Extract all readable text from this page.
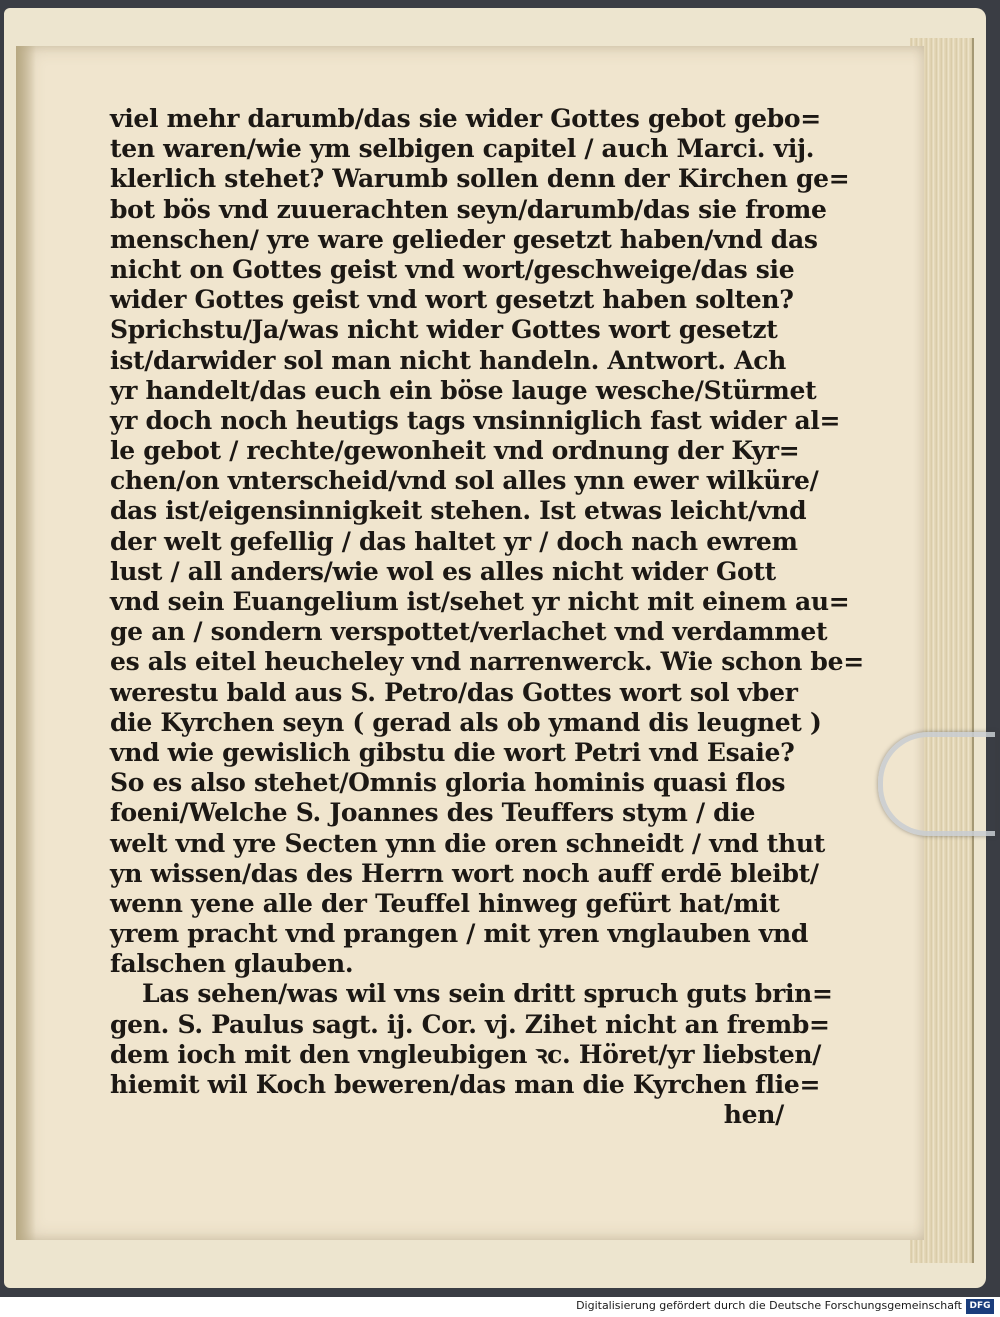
viel mehr darumb/das sie wider Gottes gebot gebo=
ten waren/wie ym selbigen capitel / auch Marci. vij.
klerlich stehet? Warumb sollen denn der Kirchen ge=
bot bös vnd zuuerachten seyn/darumb/das sie frome
menschen/ yre ware gelieder gesetzt haben/vnd das
nicht on Gottes geist vnd wort/geschweige/das sie
wider Gottes geist vnd wort gesetzt haben solten?
Sprichstu/Ja/was nicht wider Gottes wort gesetzt
ist/darwider sol man nicht handeln. Antwort. Ach
yr handelt/das euch ein böse lauge wesche/Stürmet
yr doch noch heutigs tags vnsinniglich fast wider al=
le gebot / rechte/gewonheit vnd ordnung der Kyr=
chen/on vnterscheid/vnd sol alles ynn ewer wilküre/
das ist/eigensinnigkeit stehen. Ist etwas leicht/vnd
der welt gefellig / das haltet yr / doch nach ewrem
lust / all anders/wie wol es alles nicht wider Gott
vnd sein Euangelium ist/sehet yr nicht mit einem au=
ge an / sondern verspottet/verlachet vnd verdammet
es als eitel heucheley vnd narrenwerck. Wie schon be=
werestu bald aus S. Petro/das Gottes wort sol vber
die Kyrchen seyn ( gerad als ob ymand dis leugnet )
vnd wie gewislich gibstu die wort Petri vnd Esaie?
So es also stehet/Omnis gloria hominis quasi flos
foeni/Welche S. Joannes des Teuffers stym / die
welt vnd yre Secten ynn die oren schneidt / vnd thut
yn wissen/das des Herrn wort noch auff erdē bleibt/
wenn yene alle der Teuffel hinweg gefürt hat/mit
yrem pracht vnd prangen / mit yren vnglauben vnd
falschen glauben.
Las sehen/was wil vns sein dritt spruch guts brin=
gen. S. Paulus sagt. ij. Cor. vj. Zihet nicht an fremb=
dem ioch mit den vngleubigen ꝛc. Höret/yr liebsten/
hiemit wil Koch beweren/das man die Kyrchen flie=
hen/
Digitalisierung gefördert durch die Deutsche Forschungsgemeinschaft DFG
